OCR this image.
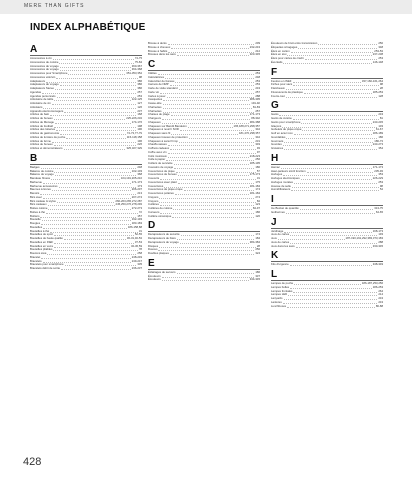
MERE THAN GIFTS
INDEX ALPHABÉTIQUE
A
Accessoires à vin	74-75
Accessoires de cuisine	75-84
Accessoires de voyage	360-367
Accessoires de voyage	364-368
Accessoires pour Smartphone	351-353,354
Accessoires vélo/vin	98
Adaptateurs	386
Adaptateurs de voyage	386
Adaptateurs Stereo	386
Agendas	257
Agendas personnels	253
Ardoisière de table	122-125
Ardoisière de vin	127
Ardoisiers	126
Appareils électroménagers	237
Articles de bain	168
Articles de bureau	225-226,234
Articles de Ménage	174-176
Articles de football	198
Articles des lotteries	190
Articles de gastronomie	72-73,77-79
Articles de lumière de poche	115-118,158
Articles de ferme	196
Articles de bureau	226
Articles et démonstrateurs	325,327,329
B
Badges	248
Balance de cuisine	102-103
Balance de voyage	368
Bandeau fitness	104,191,205-210
Barbecue	171-173
Barbecue accessoires	173
Baumes à lèvres	206-207
Bavoirs	213
Bics avec	207-274
Bics cadeau & stylos	260-263,265,272,287
Bics cadeaux	245,250,276,278,293
Bottes cuisine	272-273
Boîtes à thé	72
Boîtiers	157
Bouteille	192-193
Bougies	183-183
Bouteilles	186-158,88
Bouteilles à thé	31
Bouteilles de sport	52-55
Bouteilles de haute qualité	30-31,46-53
Bouteilles en INEF	37-53
Bouteilles en verre	32-36,59
Bouteilles pliables	78
Boutons étoé	258
Bracelet	248-249
Bracelets	249-247
Bracelets pour smartphone	335
Bracelets débit de sortie	236-237
Brosse à dents	209
Brosse à cheveux	232-243
Brosse à habits	212
Brosses dans les sacs	323-345
C
Câbles	253
Calculatrices	248
Calendrier de bureau	253
Carnets de NMP	253
Carte de visite standard	243
Carte vin	257
Cartes à jouer	288
Casquettes	386-395
Casse-tête	191-92
Chaînettes	81-83
Chaînettes	257
Chaises de plage	171-173
Chargeurs	88-342
Chapeaux	384-388
Chapeaux sur Bandit Bandelon	165,188,271,298,357
Chapeaux à nourrir SOR	342
Chapeaux sans fil	181,270,298,357
Chapeaux travaux de protection	342
Chapeaux à sans fil imp	231
Chauffe-tasses	349
Coffrets cadeaux	93
Coffre avec vin	97
Colis musicaux	218-223
Colle à papier	256
Colliers de serviette	185-195
Coussins de voyage	180
Couvertures de pique	57
Couvertures de bureau	175-173
Couverts	31
Couvertures avec plaid	175
Couvertures	181-184
Couvertures de pique-nique	174
Couvertures polaires	181-184
Crayons	274
Crayons	84
Cuillères	123
Cuillères de cuisine	84-97
Curseurs	186
Cuillère céramique	120
D
Décapsuleurs de sécurité	174
Décapsuleurs de bière	184
Décapsuleurs de voyage	384-384
Disques	28
Douces	250
Doubles plaques	324
E
Éclairages de secours	186
Écouteurs	337
Écouteurs	344-345
Écouteurs de bruit entre transmission	250
Étiquettes à bagages	348
Étuis en carton	253-53
Étuis en étui	237-238
Étuis pour cartes de crédit	253
Éventails	146-148
F
Feutres en INEF	337,160-161,264
Fiches pour sacs	98
Flambeaux	28
Fluorescents de plastique	185-253
Fourre-tout	128
G
Gants	243
Gants de cuisine	81
Gants pour smartphone	243-245
Glaçons	103
Gobelets de pique-nique	61-67
Golf en acier inox	186-189
Gourdables	186
Gourmets	186-73
Gourdes	243-273
Gravières	354
H
Hamac	171-173
Haut-parleurs simili fonction	235-93
Horloges	353
Horloges électroniques	226-229
Horloges murales	253
Housse de selle	98
Humidificateurs	54
I
Ice Bucket de quantité	313-75
Isothermes	64-65
J
Jardinage	168-173
Jeux de cartes	193
Jeux	187-190,191,292,383,373,183
Jeux de cartes	288
Jeux dans les sacs	330-345
K
Kits d'urgence	348-349
L
Lampes de poche	186-187,253,256
Lampes bulles	186-253
Lampes frontales	264
Lampes LED	214
Lanyards	243
Lanières	243
Lunchboxes	86-88
428
